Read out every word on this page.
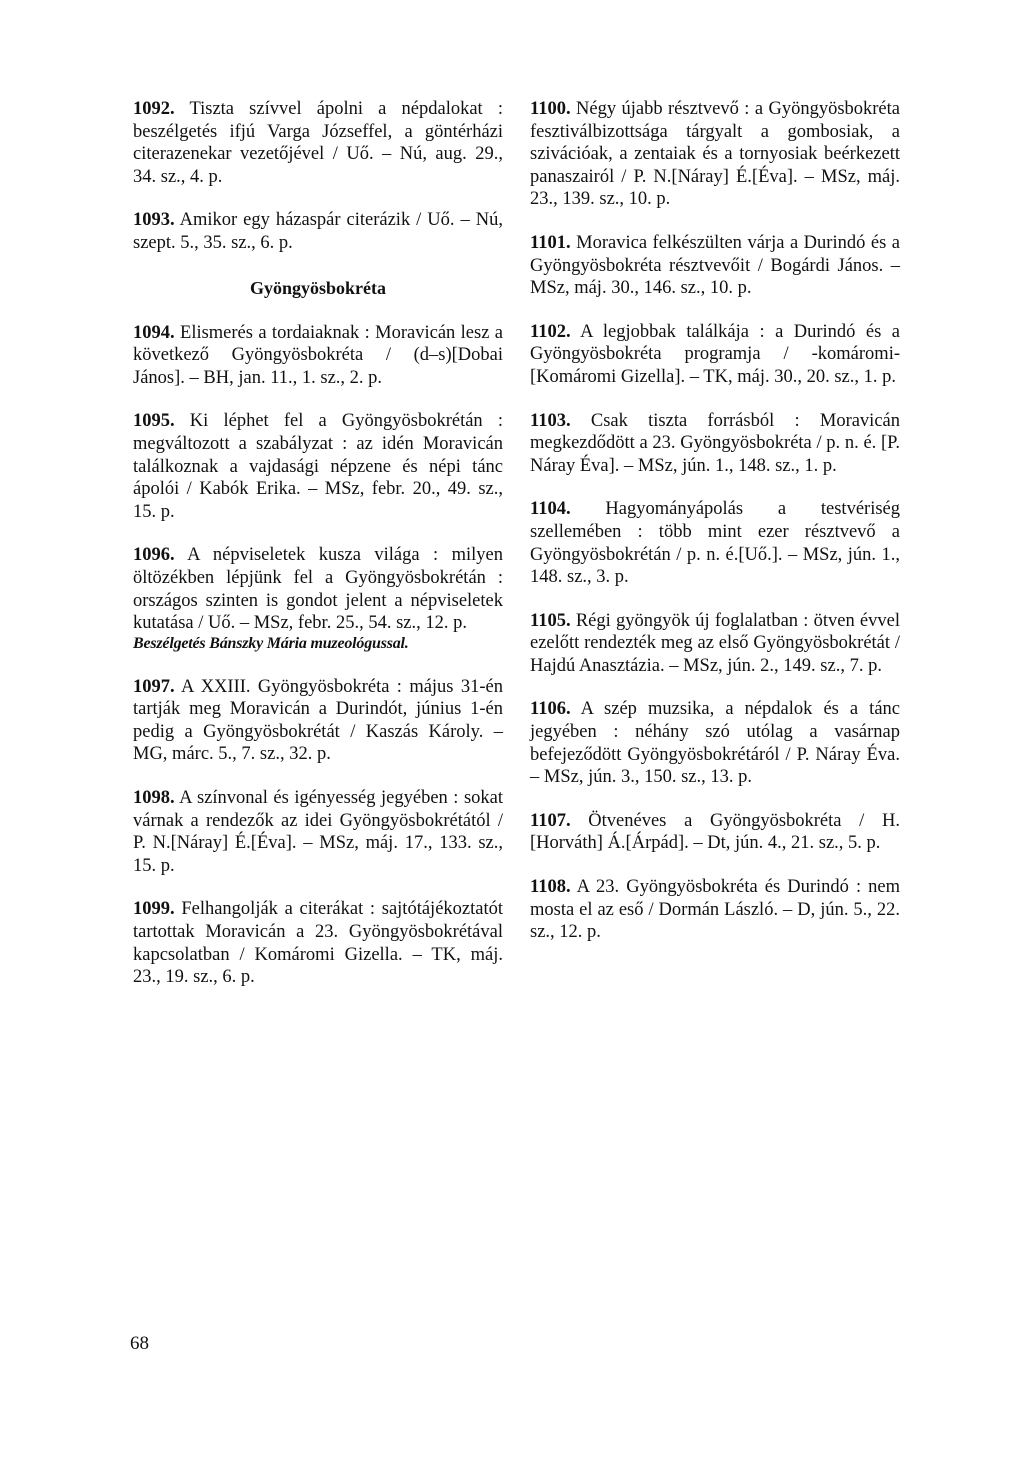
1092. Tiszta szívvel ápolni a népdalokat : beszélgetés ifjú Varga Józseffel, a göntérházi citerazenekar vezetőjével / Uő. – Nú, aug. 29., 34. sz., 4. p.
1093. Amikor egy házaspár citerázik / Uő. – Nú, szept. 5., 35. sz., 6. p.
Gyöngyösbokréta
1094. Elismerés a tordaiaknak : Moravicán lesz a következő Gyöngyösbokréta / (d–s)[Dobai János]. – BH, jan. 11., 1. sz., 2. p.
1095. Ki léphet fel a Gyöngyösbokrétán : megváltozott a szabályzat : az idén Moravicán találkoznak a vajdasági népzene és népi tánc ápolói / Kabók Erika. – MSz, febr. 20., 49. sz., 15. p.
1096. A népviseletek kusza világa : milyen öltözékben lépjünk fel a Gyöngyösbokrétán : országos szinten is gondot jelent a népviseletek kutatása / Uő. – MSz, febr. 25., 54. sz., 12. p.
Beszélgetés Bánszky Mária muzeológussal.
1097. A XXIII. Gyöngyösbokréta : május 31-én tartják meg Moravicán a Durindót, június 1-én pedig a Gyöngyösbokrétát / Kaszás Károly. – MG, márc. 5., 7. sz., 32. p.
1098. A színvonal és igényesség jegyében : sokat várnak a rendezők az idei Gyöngyösbokrétától / P. N.[Náray] É.[Éva]. – MSz, máj. 17., 133. sz., 15. p.
1099. Felhangolják a citerákat : sajtótájékoztatót tartottak Moravicán a 23. Gyöngyösbokrétával kapcsolatban / Komáromi Gizella. – TK, máj. 23., 19. sz., 6. p.
1100. Négy újabb résztvevő : a Gyöngyösbokréta fesztiválbizottsága tárgyalt a gombosiak, a szivációak, a zentaiak és a tornyosiak beérkezett panaszairól / P. N.[Náray] É.[Éva]. – MSz, máj. 23., 139. sz., 10. p.
1101. Moravica felkészülten várja a Durindó és a Gyöngyösbokréta résztvevőit / Bogárdi János. – MSz, máj. 30., 146. sz., 10. p.
1102. A legjobbak találkája : a Durindó és a Gyöngyösbokréta programja / -komáromi-[Komáromi Gizella]. – TK, máj. 30., 20. sz., 1. p.
1103. Csak tiszta forrásból : Moravicán megkezdődött a 23. Gyöngyösbokréta / p. n. é. [P. Náray Éva]. – MSz, jún. 1., 148. sz., 1. p.
1104. Hagyományápolás a testvériség szellemében : több mint ezer résztvevő a Gyöngyösbokrétán / p. n. é.[Uő.]. – MSz, jún. 1., 148. sz., 3. p.
1105. Régi gyöngyök új foglalatban : ötven évvel ezelőtt rendezték meg az első Gyöngyösbokrétát / Hajdú Anasztázia. – MSz, jún. 2., 149. sz., 7. p.
1106. A szép muzsika, a népdalok és a tánc jegyében : néhány szó utólag a vasárnap befejeződött Gyöngyösbokrétáról / P. Náray Éva. – MSz, jún. 3., 150. sz., 13. p.
1107. Ötvenéves a Gyöngyösbokréta / H.[Horváth] Á.[Árpád]. – Dt, jún. 4., 21. sz., 5. p.
1108. A 23. Gyöngyösbokréta és Durindó : nem mosta el az eső / Dormán László. – D, jún. 5., 22. sz., 12. p.
68
